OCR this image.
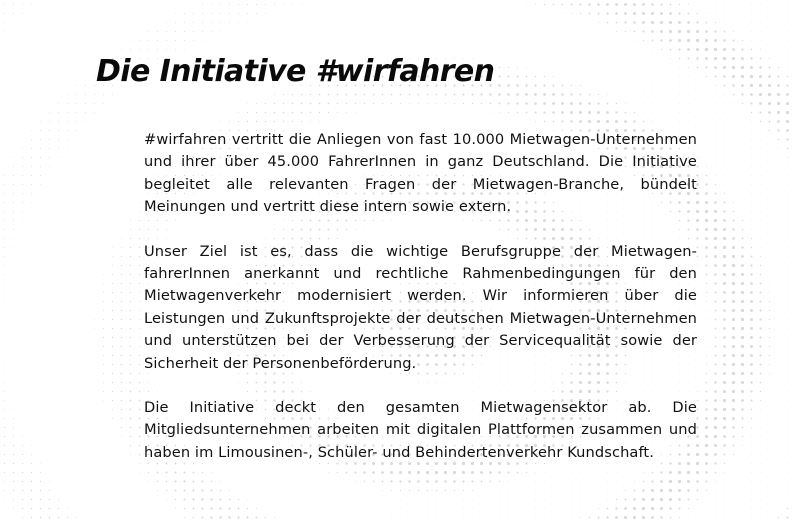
Die Initiative #wirfahren

#wirfahren vertritt die Anliegen von fast 10.000 Mietwagen-Unternehmen und ihrer über 45.000 FahrerInnen in ganz Deutschland. Die Initiative begleitet alle relevanten Fragen der Mietwagen-Branche, bündelt Meinungen und vertritt diese intern sowie extern.

Unser Ziel ist es, dass die wichtige Berufsgruppe der Mietwagen-fahrerInnen anerkannt und rechtliche Rahmenbedingungen für den Mietwagenverkehr modernisiert werden. Wir informieren über die Leistungen und Zukunftsprojekte der deutschen Mietwagen-Unternehmen und unterstützen bei der Verbesserung der Servicequalität sowie der Sicherheit der Personenbeförderung.

Die Initiative deckt den gesamten Mietwagensektor ab. Die Mitgliedsunternehmen arbeiten mit digitalen Plattformen zusammen und haben im Limousinen-, Schüler- und Behindertenverkehr Kundschaft.
